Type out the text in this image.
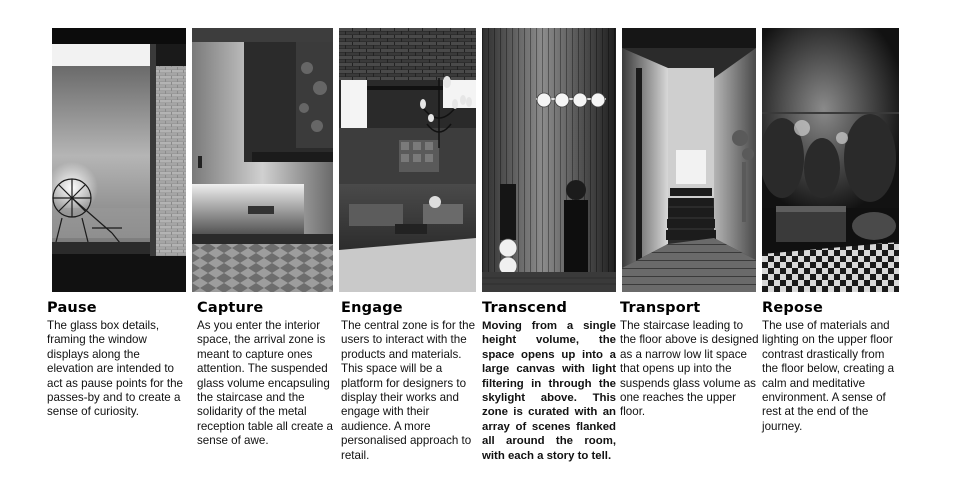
Pause

The glass box details, framing the window displays along the elevation are intended to act as pause points for the passes-by and to create a sense of curiosity.

Capture

As you enter the interior space, the arrival zone is meant to capture ones attention. The suspended glass volume encapsuling the staircase and the solidarity of the metal reception table all create a sense of awe.

Engage

The central zone is for the users to interact with the products and materials. This space will be a platform for designers to display their works and engage with their audience. A more personalised approach to retail.

Transcend

Moving from a single height volume, the space opens up into a large canvas with light filtering in through the skylight above. This zone is curated with an array of scenes flanked all around the room, with each a story to tell.

Transport

The staircase leading to the floor above is designed as a narrow low lit space that opens up into the suspends glass volume as one reaches the upper floor.

Repose

The use of materials and lighting on the upper floor contrast drastically from the floor below, creating a calm and meditative environment. A sense of rest at the end of the journey.
